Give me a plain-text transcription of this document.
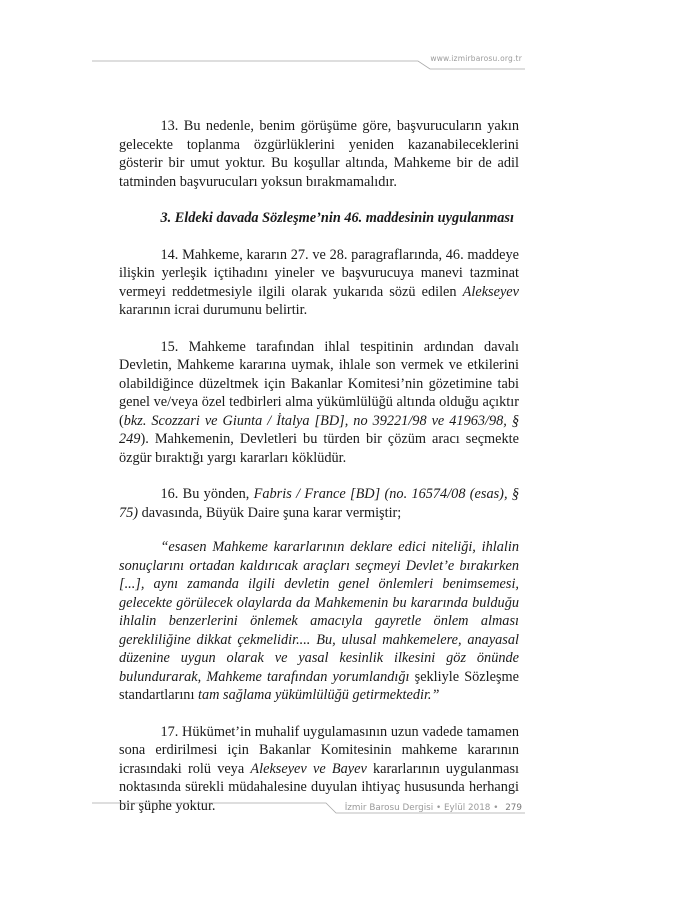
www.izmirbarosu.org.tr

13. Bu nedenle, benim görüşüme göre, başvurucuların yakın gelecekte toplanma özgürlüklerini yeniden kazanabileceklerini gösterir bir umut yoktur. Bu koşullar altında, Mahkeme bir de adil tatminden başvurucuları yoksun bırakmamalıdır.

3. Eldeki davada Sözleşme’nin 46. maddesinin uygulanması

14. Mahkeme, kararın 27. ve 28. paragraflarında, 46. maddeye ilişkin yerleşik içtihadını yineler ve başvurucuya manevi tazminat vermeyi reddetmesiyle ilgili olarak yukarıda sözü edilen Alekseyev kararının icrai durumunu belirtir.

15. Mahkeme tarafından ihlal tespitinin ardından davalı Devletin, Mahkeme kararına uymak, ihlale son vermek ve etkilerini olabildiğince düzeltmek için Bakanlar Komitesi’nin gözetimine tabi genel ve/veya özel tedbirleri alma yükümlülüğü altında olduğu açıktır (bkz. Scozzari ve Giunta / İtalya [BD], no 39221/98 ve 41963/98, § 249). Mahkemenin, Devletleri bu türden bir çözüm aracı seçmekte özgür bıraktığı yargı kararları köklüdür.

16. Bu yönden, Fabris / France [BD] (no. 16574/08 (esas), § 75) davasında, Büyük Daire şuna karar vermiştir;

“esasen Mahkeme kararlarının deklare edici niteliği, ihlalin sonuçlarını ortadan kaldırıcak araçları seçmeyi Devlet’e bırakırken [...], aynı zamanda ilgili devletin genel önlemleri benimsemesi, gelecekte görülecek olaylarda da Mahkemenin bu kararında bulduğu ihlalin benzerlerini önlemek amacıyla gayretle önlem alması gerekliliğine dikkat çekmelidir.... Bu, ulusal mahkemelere, anayasal düzenine uygun olarak ve yasal kesinlik ilkesini göz önünde bulundurarak, Mahkeme tarafından yorumlandığı şekliyle Sözleşme standartlarını tam sağlama yükümlülüğü getirmektedir.”

17. Hükümet’in muhalif uygulamasının uzun vadede tamamen sona erdirilmesi için Bakanlar Komitesinin mahkeme kararının icrasındaki rolü veya Alekseyev ve Bayev kararlarının uygulanması noktasında sürekli müdahalesine duyulan ihtiyaç hususunda herhangi bir şüphe yoktur.	İzmir Barosu Dergisi • Eylül 2018 • 279
